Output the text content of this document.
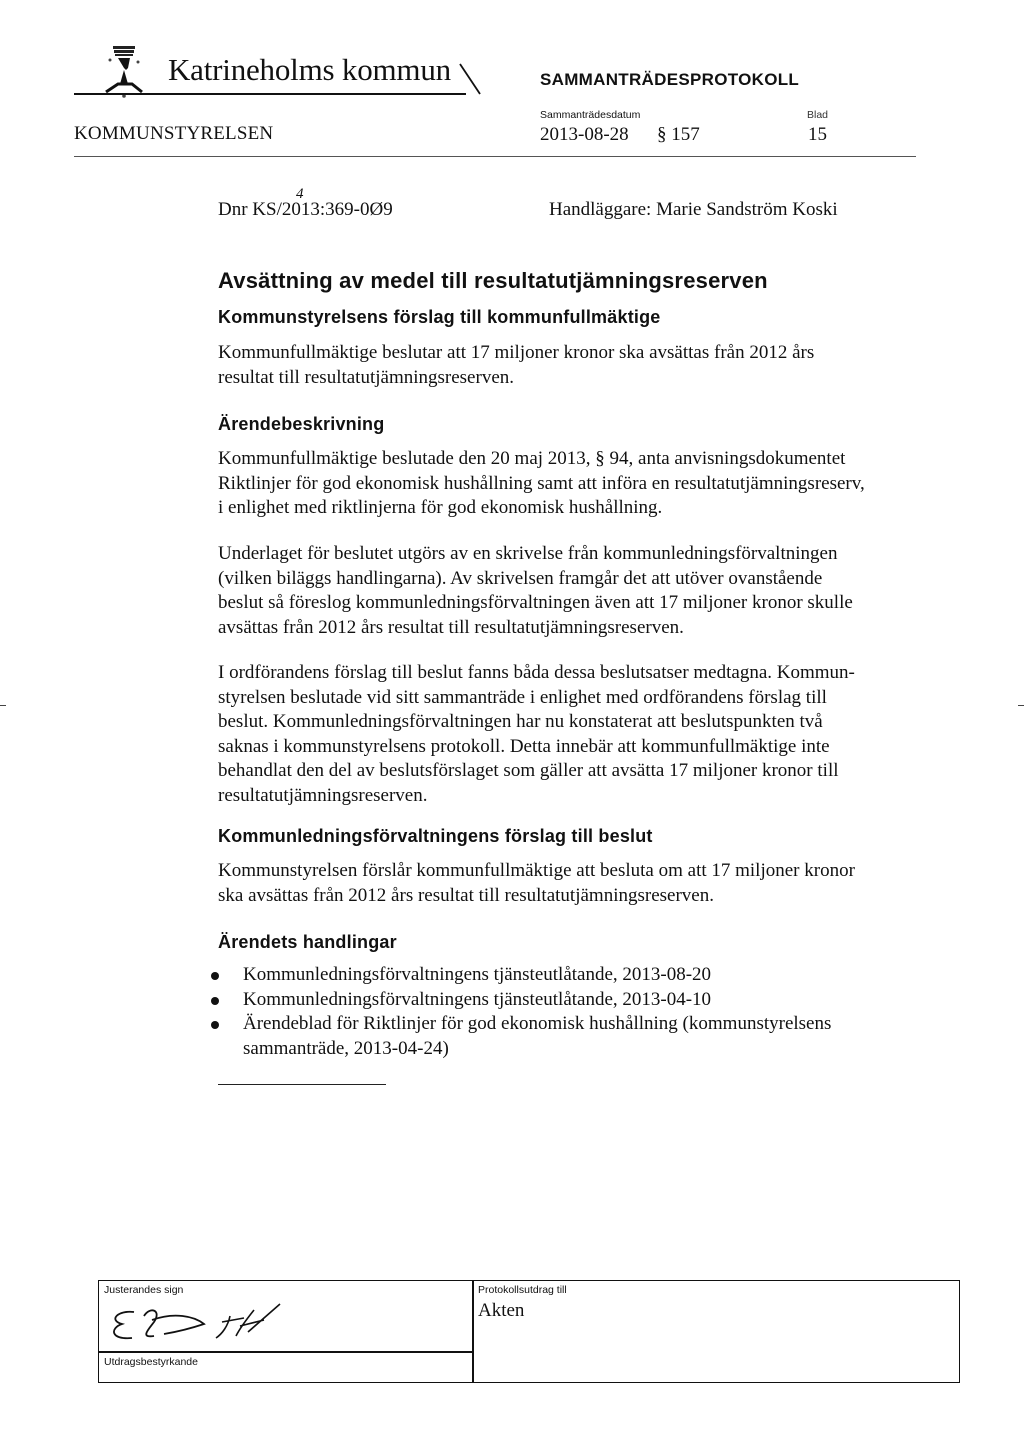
Katrineholms kommun	SAMMANTRÄDESPROTOKOLL
Sammanträdesdatum	Blad
KOMMUNSTYRELSEN	2013-08-28 § 157	15
Dnr KS/2013:369-0Ø9
4
Handläggare: Marie Sandström Koski
Avsättning av medel till resultatutjämningsreserven
Kommunstyrelsens förslag till kommunfullmäktige
Kommunfullmäktige beslutar att 17 miljoner kronor ska avsättas från 2012 års
resultat till resultatutjämningsreserven.
Ärendebeskrivning
Kommunfullmäktige beslutade den 20 maj 2013, § 94, anta anvisningsdokumentet
Riktlinjer för god ekonomisk hushållning samt att införa en resultatutjämningsreserv,
i enlighet med riktlinjerna för god ekonomisk hushållning.
Underlaget för beslutet utgörs av en skrivelse från kommunledningsförvaltningen
(vilken biläggs handlingarna). Av skrivelsen framgår det att utöver ovanstående
beslut så föreslog kommunledningsförvaltningen även att 17 miljoner kronor skulle
avsättas från 2012 års resultat till resultatutjämningsreserven.
I ordförandens förslag till beslut fanns båda dessa beslutsatser medtagna. Kommun-
styrelsen beslutade vid sitt sammanträde i enlighet med ordförandens förslag till
beslut. Kommunledningsförvaltningen har nu konstaterat att beslutspunkten två
saknas i kommunstyrelsens protokoll. Detta innebär att kommunfullmäktige inte
behandlat den del av beslutsförslaget som gäller att avsätta 17 miljoner kronor till
resultatutjämningsreserven.
Kommunledningsförvaltningens förslag till beslut
Kommunstyrelsen förslår kommunfullmäktige att besluta om att 17 miljoner kronor
ska avsättas från 2012 års resultat till resultatutjämningsreserven.
Ärendets handlingar
Kommunledningsförvaltningens tjänsteutlåtande, 2013-08-20
Kommunledningsförvaltningens tjänsteutlåtande, 2013-04-10
Ärendeblad för Riktlinjer för god ekonomisk hushållning (kommunstyrelsens
sammanträde, 2013-04-24)
Justerandes sign	Protokollsutdrag till
Utdragsbestyrkande
Akten
